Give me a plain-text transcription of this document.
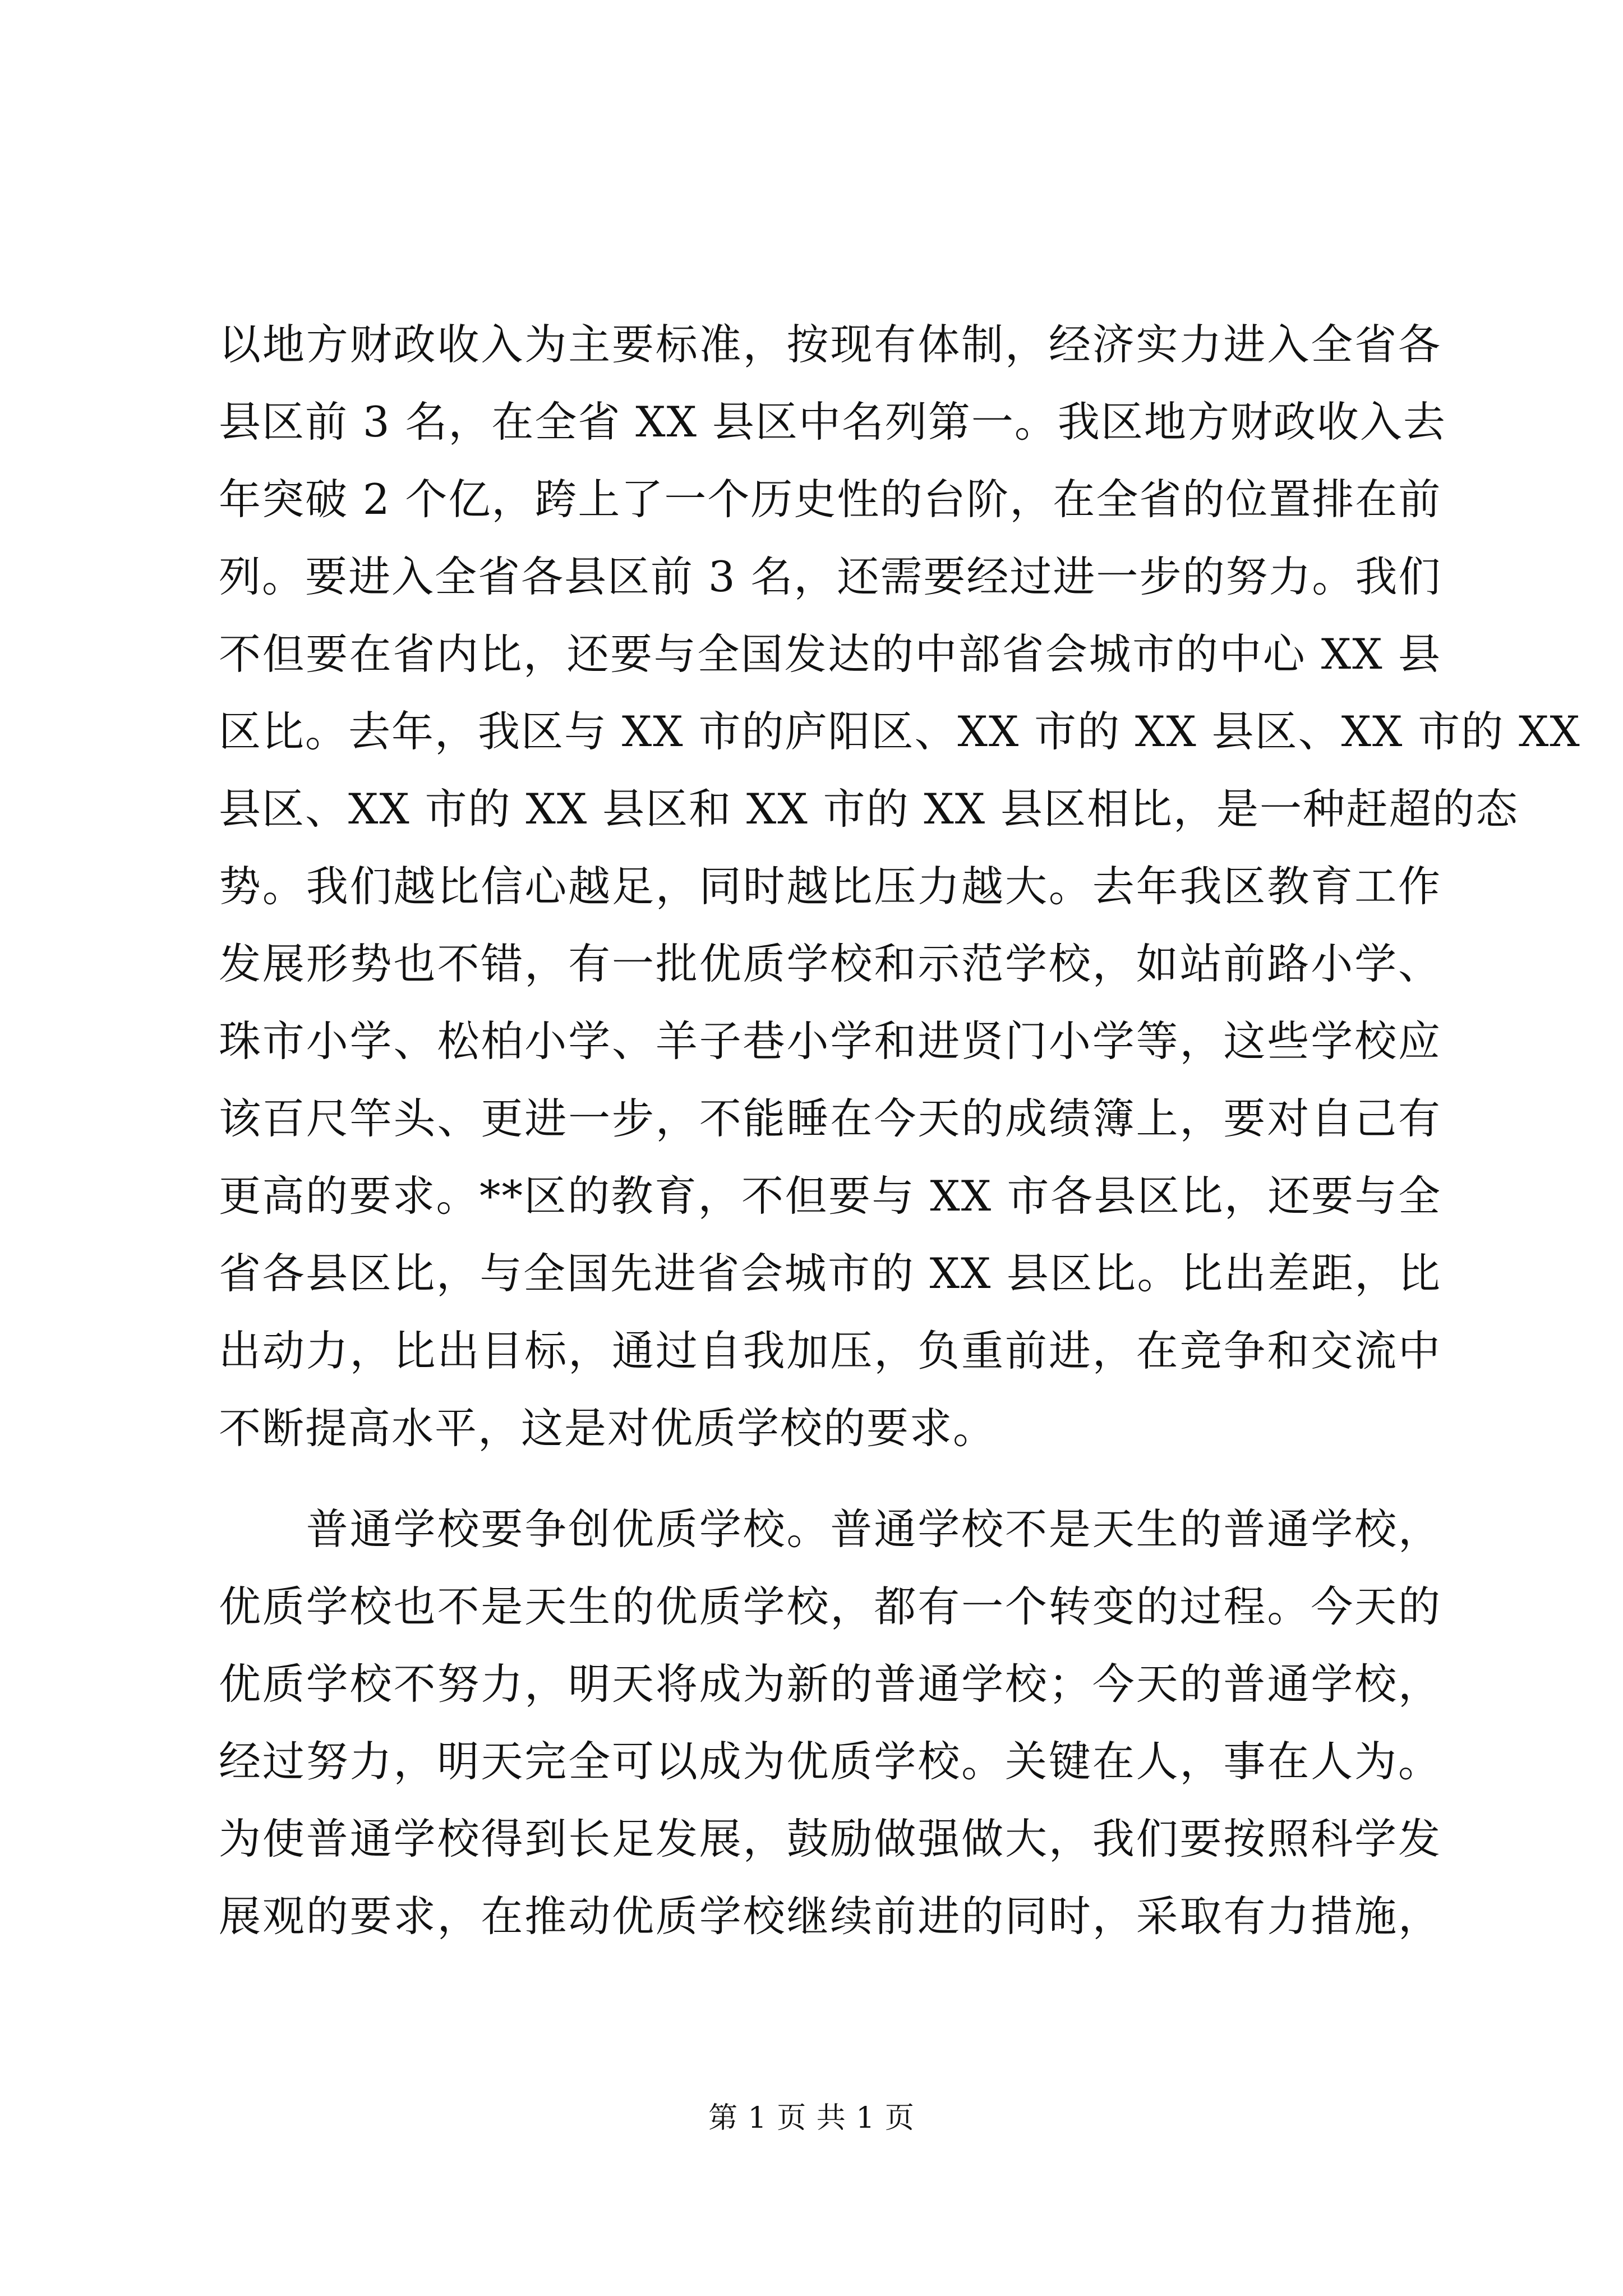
以地方财政收入为主要标准，按现有体制，经济实力进入全省各
县区前 3 名，在全省 XX 县区中名列第一。我区地方财政收入去
年突破 2 个亿，跨上了一个历史性的台阶，在全省的位置排在前
列。要进入全省各县区前 3 名，还需要经过进一步的努力。我们
不但要在省内比，还要与全国发达的中部省会城市的中心 XX 县
区比。去年，我区与 XX 市的庐阳区、XX 市的 XX 县区、XX 市的 XX
县区、XX 市的 XX 县区和 XX 市的 XX 县区相比，是一种赶超的态
势。我们越比信心越足，同时越比压力越大。去年我区教育工作
发展形势也不错，有一批优质学校和示范学校，如站前路小学、
珠市小学、松柏小学、羊子巷小学和进贤门小学等，这些学校应
该百尺竿头、更进一步，不能睡在今天的成绩簿上，要对自己有
更高的要求。**区的教育，不但要与 XX 市各县区比，还要与全
省各县区比，与全国先进省会城市的 XX 县区比。比出差距，比
出动力，比出目标，通过自我加压，负重前进，在竞争和交流中
不断提高水平，这是对优质学校的要求。
　　普通学校要争创优质学校。普通学校不是天生的普通学校，
优质学校也不是天生的优质学校，都有一个转变的过程。今天的
优质学校不努力，明天将成为新的普通学校；今天的普通学校，
经过努力，明天完全可以成为优质学校。关键在人，事在人为。
为使普通学校得到长足发展，鼓励做强做大，我们要按照科学发
展观的要求，在推动优质学校继续前进的同时，采取有力措施，
第 1 页 共 1 页
